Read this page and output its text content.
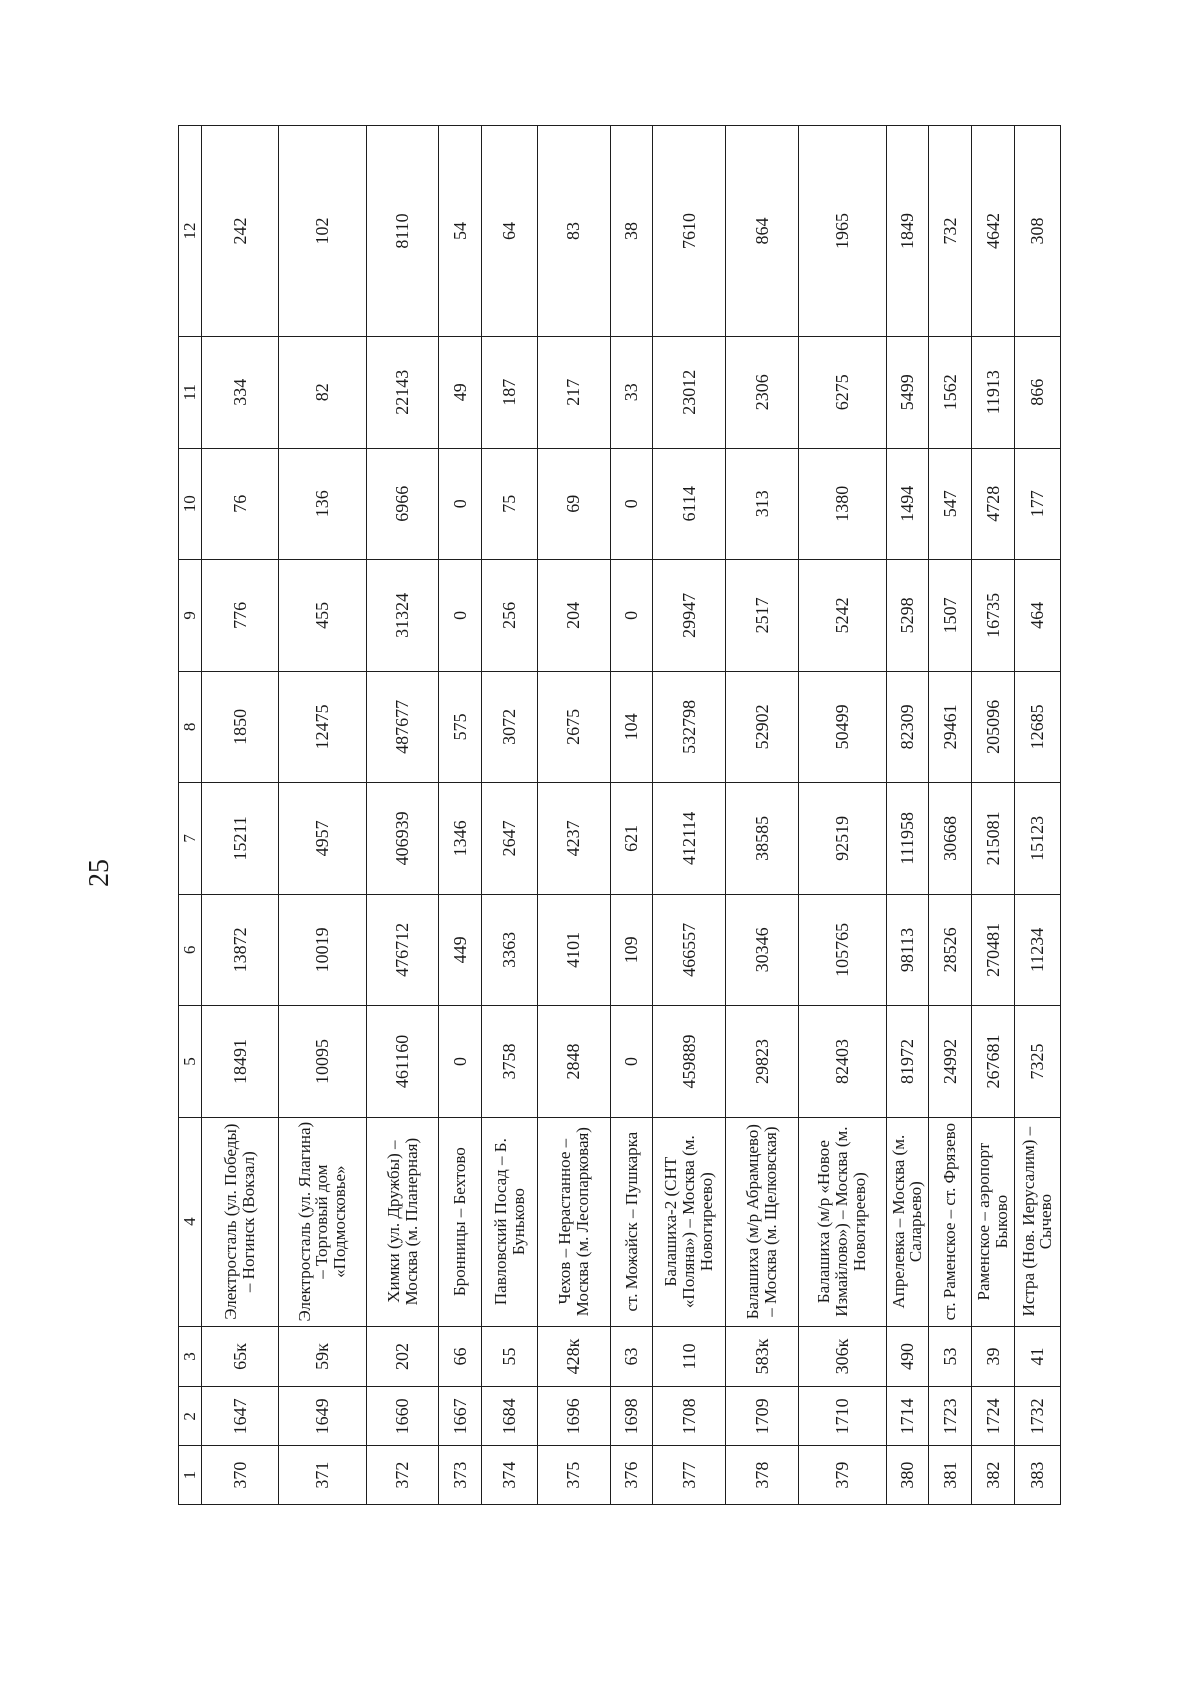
25
1	2	3	4	5	6	7	8	9	10	11	12
370	1647	65к	Электросталь (ул. Победы) – Ногинск (Вокзал)	18491	13872	15211	1850	776	76	334	242
371	1649	59к	Электросталь (ул. Ялагина) – Торговый дом «Подмосковье»	10095	10019	4957	12475	455	136	82	102
372	1660	202	Химки (ул. Дружбы) – Москва (м. Планерная)	461160	476712	406939	487677	31324	6966	22143	8110
373	1667	66	Бронницы – Бехтово	0	449	1346	575	0	0	49	54
374	1684	55	Павловский Посад – Б. Буньково	3758	3363	2647	3072	256	75	187	64
375	1696	428к	Чехов – Нерастанное – Москва (м. Лесопарковая)	2848	4101	4237	2675	204	69	217	83
376	1698	63	ст. Можайск – Пушкарка	0	109	621	104	0	0	33	38
377	1708	110	Балашиха-2 (СНТ «Поляна») – Москва (м. Новогиреево)	459889	466557	412114	532798	29947	6114	23012	7610
378	1709	583к	Балашиха (м/р Абрамцево) – Москва (м. Щелковская)	29823	30346	38585	52902	2517	313	2306	864
379	1710	306к	Балашиха (м/р «Новое Измайлово») – Москва (м. Новогиреево)	82403	105765	92519	50499	5242	1380	6275	1965
380	1714	490	Апрелевка – Москва (м. Саларьево)	81972	98113	111958	82309	5298	1494	5499	1849
381	1723	53	ст. Раменское – ст. Фрязево	24992	28526	30668	29461	1507	547	1562	732
382	1724	39	Раменское – аэропорт Быково	267681	270481	215081	205096	16735	4728	11913	4642
383	1732	41	Истра (Нов. Иерусалим) – Сычево	7325	11234	15123	12685	464	177	866	308
